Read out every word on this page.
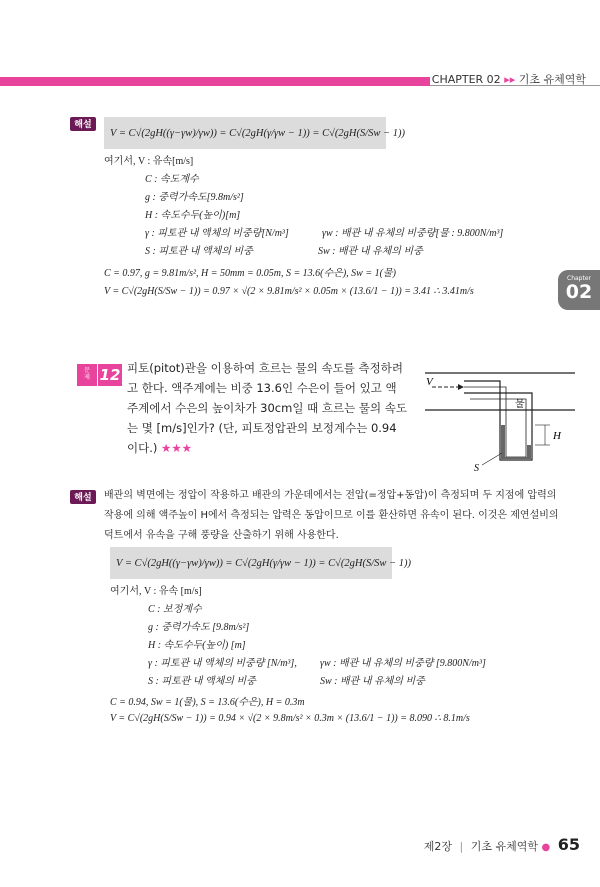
CHAPTER 02 ▸▸ 기초 유체역학
Chapter
02
해설
V = C√(2gH((γ−γw)/γw)) = C√(2gH(γ/γw − 1)) = C√(2gH(S/Sw − 1))
여기서, V : 유속[m/s]
C : 속도계수
g : 중력가속도[9.8m/s²]
H : 속도수두(높이)[m]
γ : 피토관 내 액체의 비중량[N/m³]	γw : 배관 내 유체의 비중량[물 : 9.800N/m³]
S : 피토관 내 액체의 비중	Sw : 배관 내 유체의 비중
C = 0.97, g = 9.81m/s², H = 50mm = 0.05m, S = 13.6(수은), Sw = 1(물)
V = C√(2gH(S/Sw − 1)) = 0.97 × √(2 × 9.81m/s² × 0.05m × (13.6/1 − 1)) = 3.41 ∴ 3.41m/s
문
제 12 피토(pitot)관을 이용하여 흐르는 물의 속도를 측정하려고 한다. 액주계에는 비중 13.6인 수은이 들어 있고 액주계에서 수은의 높이차가 30cm일 때 흐르는 물의 속도는 몇 [m/s]인가? (단, 피토정압관의 보정계수는 0.94이다.) ★★★
V
물
S
H
해설	배관의 벽면에는 정압이 작용하고 배관의 가운데에서는 전압(=정압+동압)이 측정되며 두 지점에 압력의 작용에 의해 액주높이 H에서 측정되는 압력은 동압이므로 이를 환산하면 유속이 된다. 이것은 제연설비의 덕트에서 유속을 구해 풍량을 산출하기 위해 사용한다.
V = C√(2gH((γ−γw)/γw)) = C√(2gH(γ/γw − 1)) = C√(2gH(S/Sw − 1))
여기서, V : 유속 [m/s]
C : 보정계수
g : 중력가속도 [9.8m/s²]
H : 속도수두(높이) [m]
γ : 피토관 내 액체의 비중량 [N/m³], γw : 배관 내 유체의 비중량 [9.800N/m³]
S : 피토관 내 액체의 비중	Sw : 배관 내 유체의 비중
C = 0.94, Sw = 1(물), S = 13.6(수은), H = 0.3m
V = C√(2gH(S/Sw − 1)) = 0.94 × √(2 × 9.8m/s² × 0.3m × (13.6/1 − 1)) = 8.090 ∴ 8.1m/s
제2장 | 기초 유체역학 ● 65
